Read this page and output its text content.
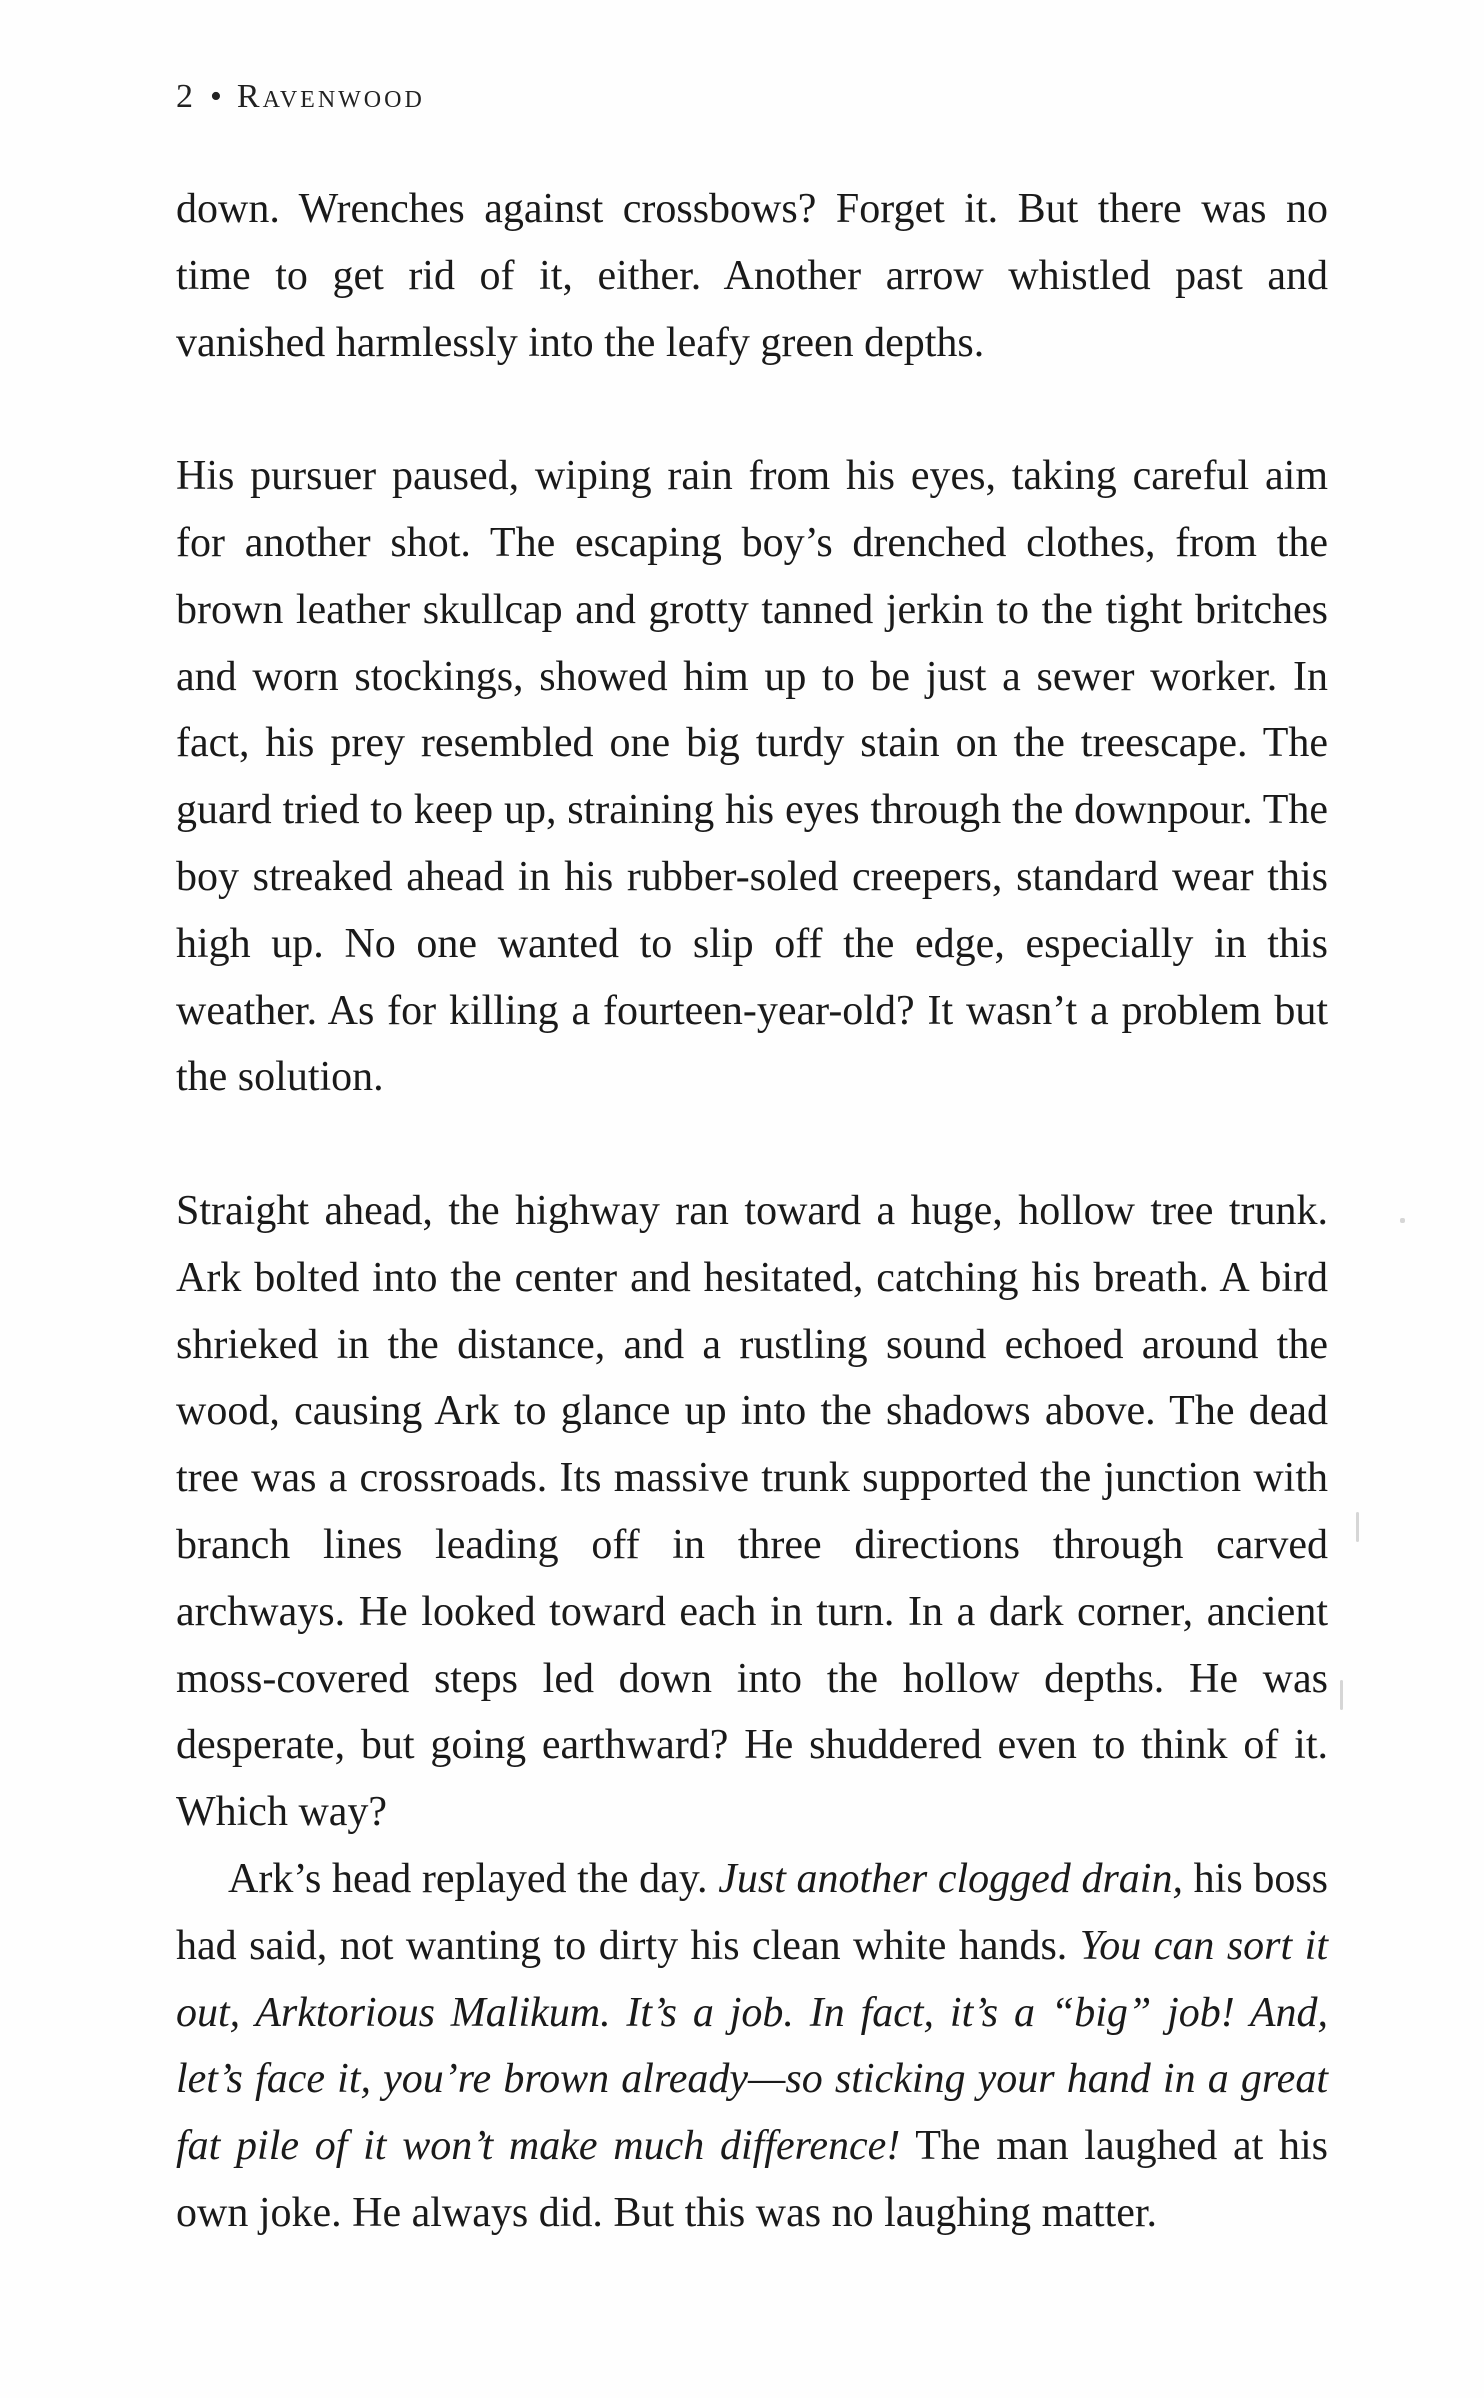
2 • Ravenwood

down. Wrenches against crossbows? Forget it. But there was no time to get rid of it, either. Another arrow whistled past and vanished harmlessly into the leafy green depths.

His pursuer paused, wiping rain from his eyes, taking careful aim for another shot. The escaping boy’s drenched clothes, from the brown leather skullcap and grotty tanned jerkin to the tight britches and worn stockings, showed him up to be just a sewer worker. In fact, his prey resembled one big turdy stain on the treescape. The guard tried to keep up, straining his eyes through the downpour. The boy streaked ahead in his rubber-soled creepers, standard wear this high up. No one wanted to slip off the edge, especially in this weather. As for killing a fourteen-year-old? It wasn’t a problem but the solution.

Straight ahead, the highway ran toward a huge, hollow tree trunk. Ark bolted into the center and hesitated, catching his breath. A bird shrieked in the distance, and a rustling sound echoed around the wood, causing Ark to glance up into the shadows above. The dead tree was a crossroads. Its massive trunk supported the junction with branch lines leading off in three directions through carved archways. He looked toward each in turn. In a dark corner, ancient moss-covered steps led down into the hollow depths. He was desperate, but going earthward? He shuddered even to think of it. Which way?

Ark’s head replayed the day. Just another clogged drain, his boss had said, not wanting to dirty his clean white hands. You can sort it out, Arktorious Malikum. It’s a job. In fact, it’s a “big” job! And, let’s face it, you’re brown already—so sticking your hand in a great fat pile of it won’t make much difference! The man laughed at his own joke. He always did. But this was no laughing matter.
